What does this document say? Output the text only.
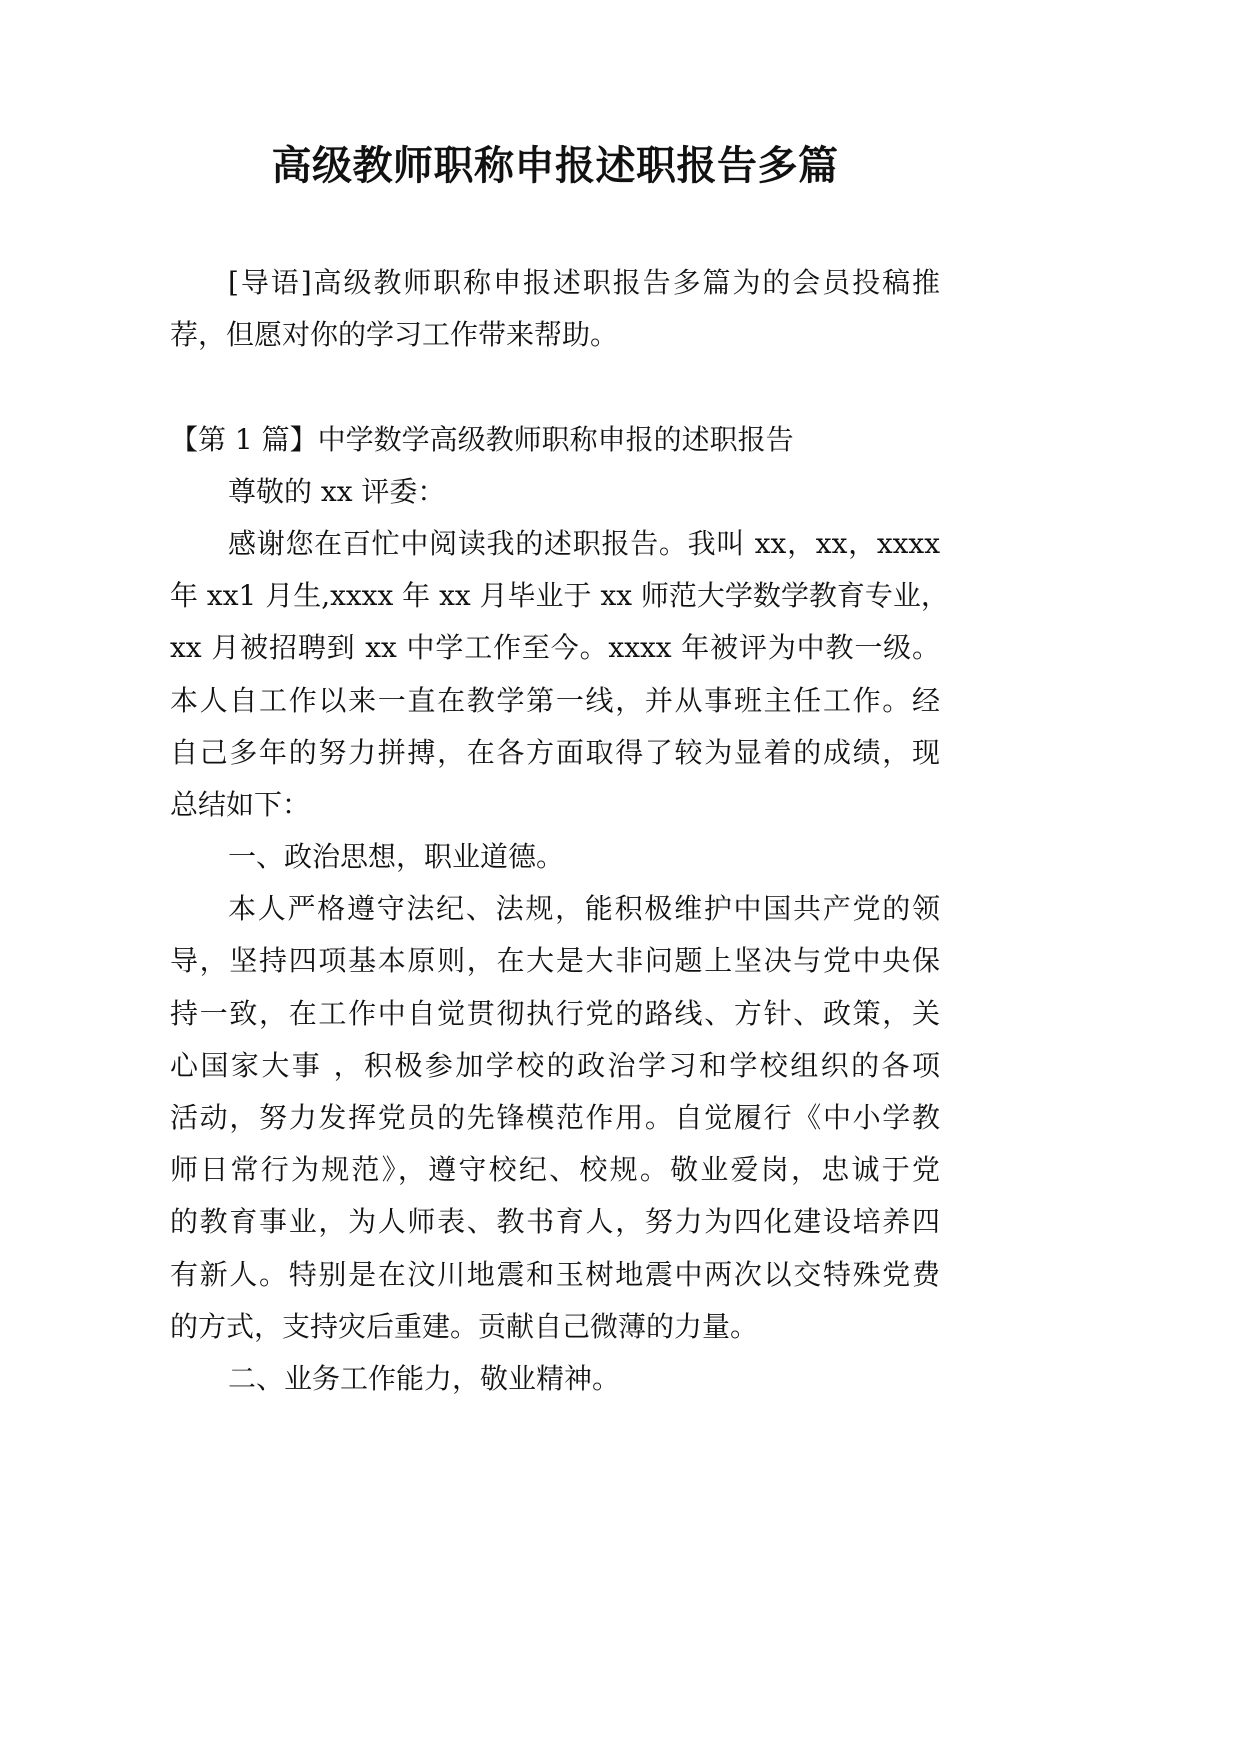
高级教师职称申报述职报告多篇
[导语]高级教师职称申报述职报告多篇为的会员投稿推
荐，但愿对你的学习工作带来帮助。
【第 1 篇】中学数学高级教师职称申报的述职报告
尊敬的 xx 评委：
感谢您在百忙中阅读我的述职报告。我叫 xx，xx，xxxx
年 xx1 月生,xxxx 年 xx 月毕业于 xx 师范大学数学教育专业，
xx 月被招聘到 xx 中学工作至今。xxxx 年被评为中教一级。
本人自工作以来一直在教学第一线，并从事班主任工作。经
自己多年的努力拼搏，在各方面取得了较为显着的成绩，现
总结如下：
一、政治思想，职业道德。
本人严格遵守法纪、法规，能积极维护中国共产党的领
导，坚持四项基本原则，在大是大非问题上坚决与党中央保
持一致，在工作中自觉贯彻执行党的路线、方针、政策，关
心国家大事 ，积极参加学校的政治学习和学校组织的各项
活动，努力发挥党员的先锋模范作用。自觉履行《中小学教
师日常行为规范》，遵守校纪、校规。敬业爱岗，忠诚于党
的教育事业，为人师表、教书育人，努力为四化建设培养四
有新人。特别是在汶川地震和玉树地震中两次以交特殊党费
的方式，支持灾后重建。贡献自己微薄的力量。
二、业务工作能力，敬业精神。
